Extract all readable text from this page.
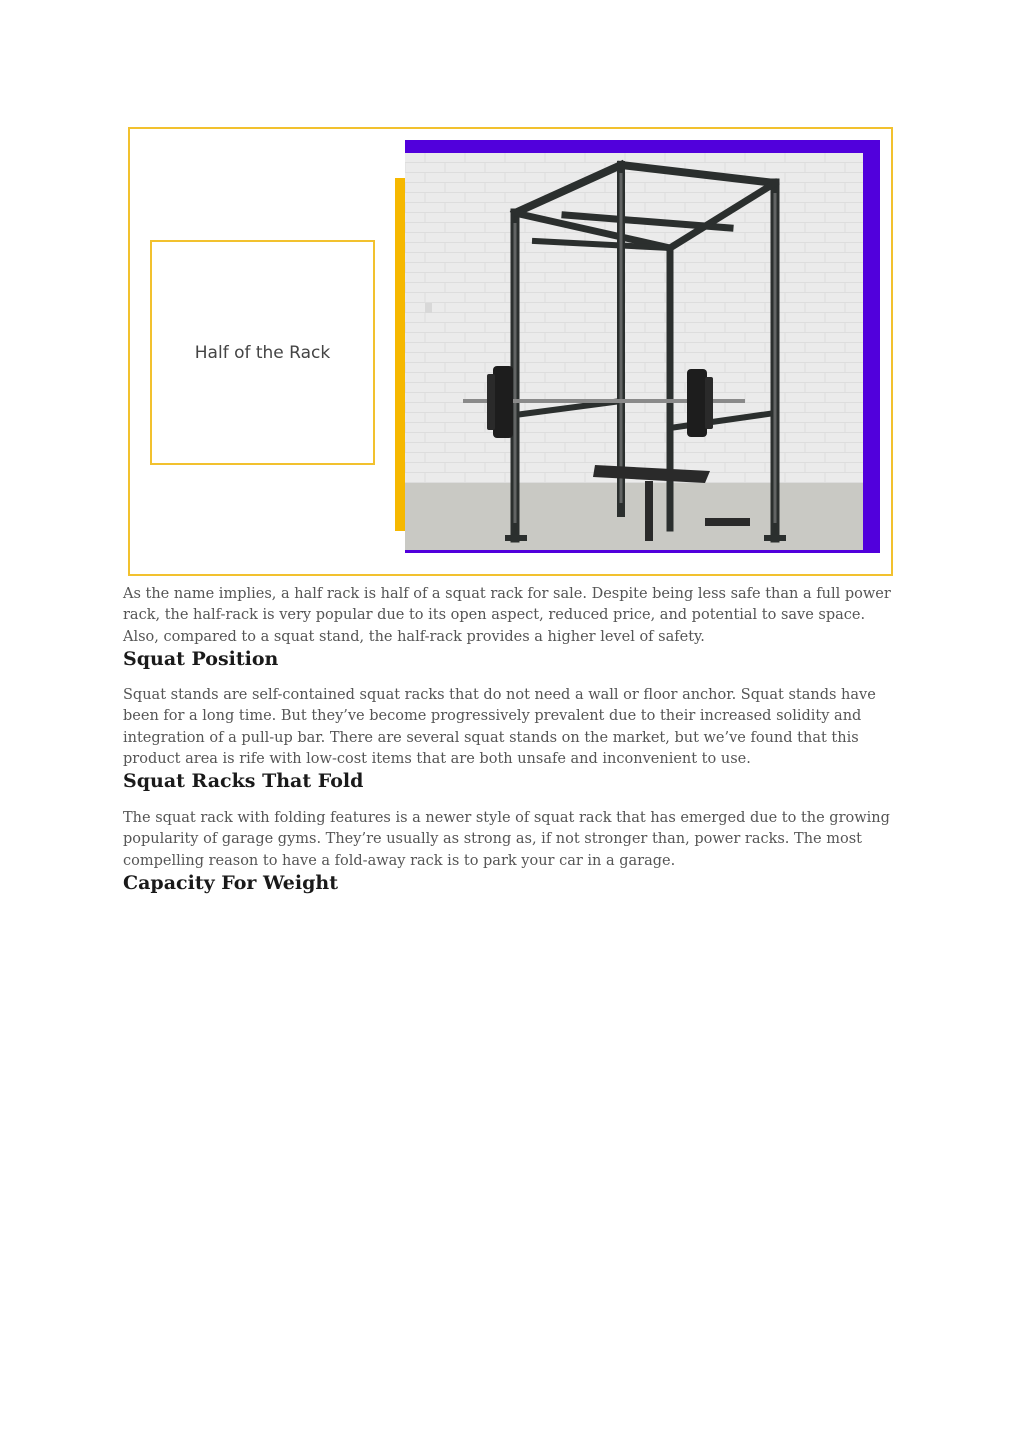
Half of the Rack

As the name implies, a half rack is half of a squat rack for sale. Despite being less safe than a full power rack, the half-rack is very popular due to its open aspect, reduced price, and potential to save space. Also, compared to a squat stand, the half-rack provides a higher level of safety.

Squat Position

Squat stands are self-contained squat racks that do not need a wall or floor anchor. Squat stands have been for a long time. But they’ve become progressively prevalent due to their increased solidity and integration of a pull-up bar. There are several squat stands on the market, but we’ve found that this product area is rife with low-cost items that are both unsafe and inconvenient to use.

Squat Racks That Fold

The squat rack with folding features is a newer style of squat rack that has emerged due to the growing popularity of garage gyms. They’re usually as strong as, if not stronger than, power racks. The most compelling reason to have a fold-away rack is to park your car in a garage.

Capacity For Weight
